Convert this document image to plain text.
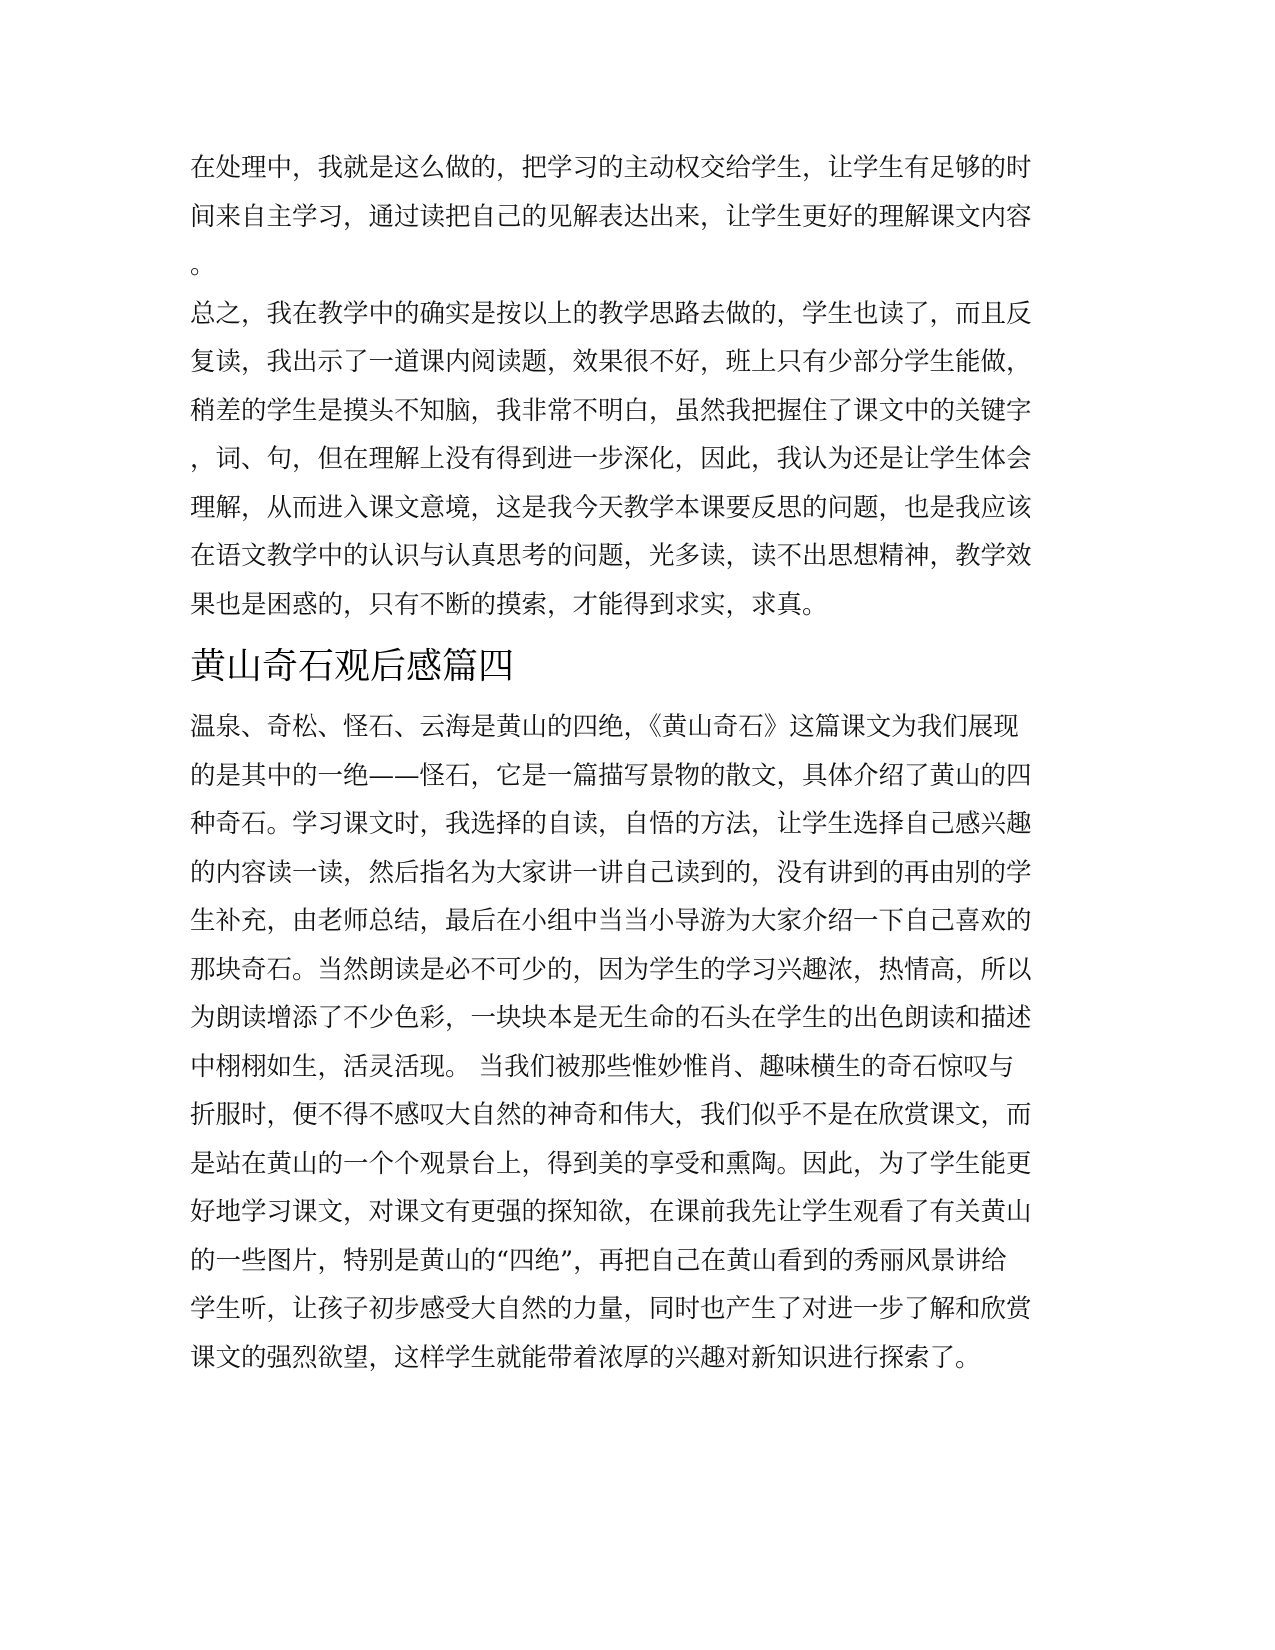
在处理中，我就是这么做的，把学习的主动权交给学生，让学生有足够的时
间来自主学习，通过读把自己的见解表达出来，让学生更好的理解课文内容
。
总之，我在教学中的确实是按以上的教学思路去做的，学生也读了，而且反
复读，我出示了一道课内阅读题，效果很不好，班上只有少部分学生能做，
稍差的学生是摸头不知脑，我非常不明白，虽然我把握住了课文中的关键字
，词、句，但在理解上没有得到进一步深化，因此，我认为还是让学生体会
理解，从而进入课文意境，这是我今天教学本课要反思的问题，也是我应该
在语文教学中的认识与认真思考的问题，光多读，读不出思想精神，教学效
果也是困惑的，只有不断的摸索，才能得到求实，求真。
黄山奇石观后感篇四
温泉、奇松、怪石、云海是黄山的四绝，《黄山奇石》这篇课文为我们展现
的是其中的一绝——怪石，它是一篇描写景物的散文，具体介绍了黄山的四
种奇石。学习课文时，我选择的自读，自悟的方法，让学生选择自己感兴趣
的内容读一读，然后指名为大家讲一讲自己读到的，没有讲到的再由别的学
生补充，由老师总结，最后在小组中当当小导游为大家介绍一下自己喜欢的
那块奇石。当然朗读是必不可少的，因为学生的学习兴趣浓，热情高，所以
为朗读增添了不少色彩，一块块本是无生命的石头在学生的出色朗读和描述
中栩栩如生，活灵活现。 当我们被那些惟妙惟肖、趣味横生的奇石惊叹与
折服时，便不得不感叹大自然的神奇和伟大，我们似乎不是在欣赏课文，而
是站在黄山的一个个观景台上，得到美的享受和熏陶。因此，为了学生能更
好地学习课文，对课文有更强的探知欲，在课前我先让学生观看了有关黄山
的一些图片，特别是黄山的“四绝”，再把自己在黄山看到的秀丽风景讲给
学生听，让孩子初步感受大自然的力量，同时也产生了对进一步了解和欣赏
课文的强烈欲望，这样学生就能带着浓厚的兴趣对新知识进行探索了。
